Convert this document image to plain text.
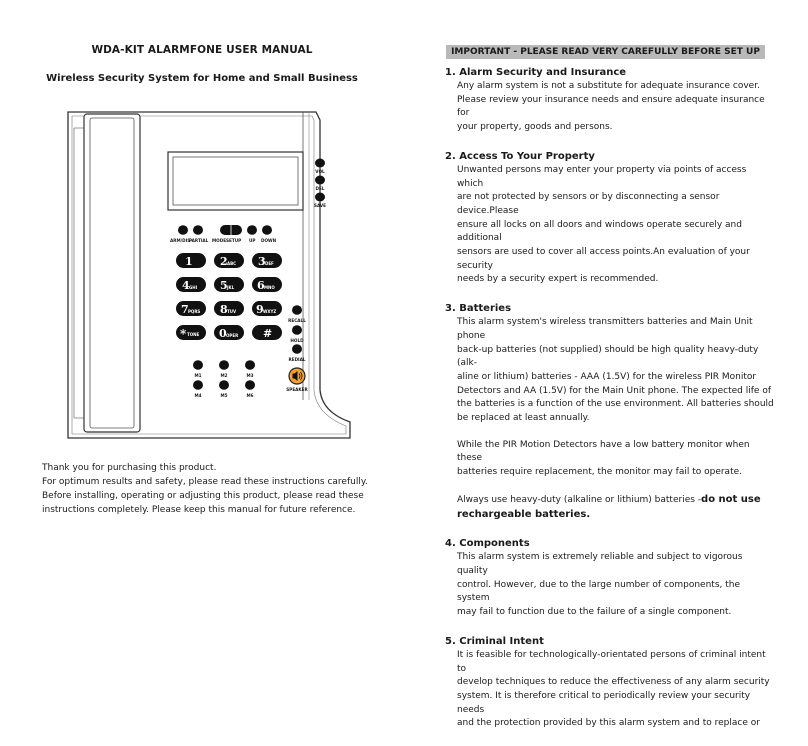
WDA-KIT ALARMFONE USER MANUAL
Wireless Security System for Home and Small Business
VOL
DEL
SAVE
ARM/DIS
PARTIAL MODE SETUP UP DOWN
1 2 ABC 3 DEF
4 GHI 5 JKL 6 MNO
7 PQRS 8 TUV 9 WXYZ
* TONE 0 OPER #
RECALL
HOLD
REDIAL
SPEAKER
M1	M2	M3
M4	M5	M6

Thank you for purchasing this product.

For optimum results and safety, please read these instructions carefully.

Before installing, operating or adjusting this product, please read these

instructions completely. Please keep this manual for future reference.

IMPORTANT - PLEASE READ VERY CAREFULLY BEFORE SET UP
1. Alarm Security and Insurance

Any alarm system is not a substitute for adequate insurance cover.
Please review your insurance needs and ensure adequate insurance for
your property, goods and persons.

2. Access To Your Property

Unwanted persons may enter your property via points of access which
are not protected by sensors or by disconnecting a sensor device.Please
ensure all locks on all doors and windows operate securely and additional
sensors are used to cover all access points.An evaluation of your security
needs by a security expert is recommended.

3. Batteries

This alarm system's wireless transmitters batteries and Main Unit phone
back-up batteries (not supplied) should be high quality heavy-duty (alk-
aline or lithium) batteries - AAA (1.5V) for the wireless PIR Monitor
Detectors and AA (1.5V) for the Main Unit phone. The expected life of
the batteries is a function of the use environment. All batteries should
be replaced at least annually.

While the PIR Motion Detectors have a low battery monitor when these
batteries require replacement, the monitor may fail to operate.

Always use heavy-duty (alkaline or lithium) batteries -do not use
rechargeable batteries.

4. Components

This alarm system is extremely reliable and subject to vigorous quality
control. However, due to the large number of components, the system
may fail to function due to the failure of a single component.

5. Criminal Intent

It is feasible for technologically-orientated persons of criminal intent to
develop techniques to reduce the effectiveness of any alarm security
system. It is therefore critical to periodically review your security needs
and the protection provided by this alarm system and to replace or
